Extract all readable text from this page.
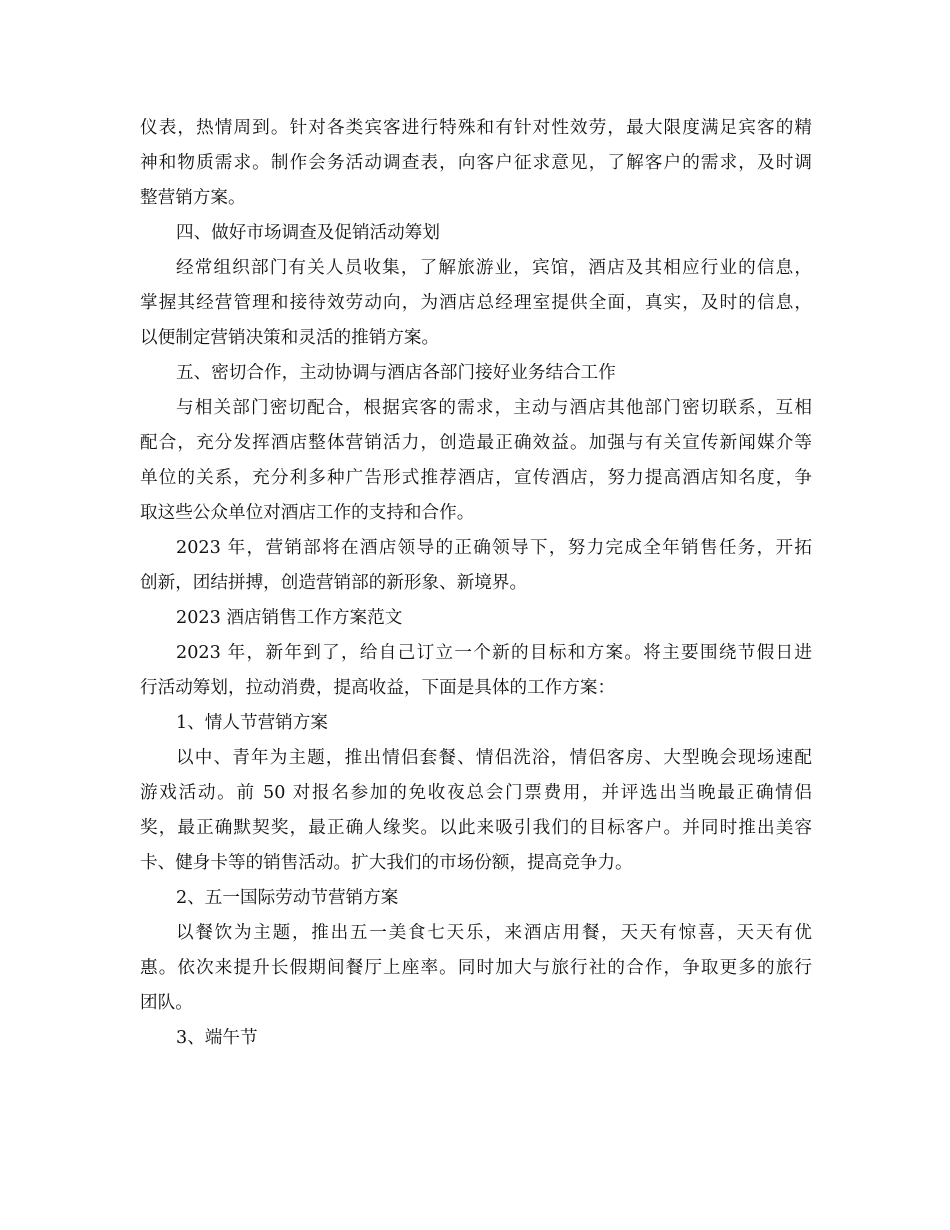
仪表，热情周到。针对各类宾客进行特殊和有针对性效劳，最大限度满足宾客的精
神和物质需求。制作会务活动调查表，向客户征求意见，了解客户的需求，及时调
整营销方案。
四、做好市场调查及促销活动筹划
经常组织部门有关人员收集，了解旅游业，宾馆，酒店及其相应行业的信息，
掌握其经营管理和接待效劳动向，为酒店总经理室提供全面，真实，及时的信息，
以便制定营销决策和灵活的推销方案。
五、密切合作，主动协调与酒店各部门接好业务结合工作
与相关部门密切配合，根据宾客的需求，主动与酒店其他部门密切联系，互相
配合，充分发挥酒店整体营销活力，创造最正确效益。加强与有关宣传新闻媒介等
单位的关系，充分利多种广告形式推荐酒店，宣传酒店，努力提高酒店知名度，争
取这些公众单位对酒店工作的支持和合作。
2023 年，营销部将在酒店领导的正确领导下，努力完成全年销售任务，开拓
创新，团结拼搏，创造营销部的新形象、新境界。
2023 酒店销售工作方案范文
2023 年，新年到了，给自己订立一个新的目标和方案。将主要围绕节假日进
行活动筹划，拉动消费，提高收益，下面是具体的工作方案：
1、情人节营销方案
以中、青年为主题，推出情侣套餐、情侣洗浴，情侣客房、大型晚会现场速配
游戏活动。前 50 对报名参加的免收夜总会门票费用，并评选出当晚最正确情侣
奖，最正确默契奖，最正确人缘奖。以此来吸引我们的目标客户。并同时推出美容
卡、健身卡等的销售活动。扩大我们的市场份额，提高竞争力。
2、五一国际劳动节营销方案
以餐饮为主题，推出五一美食七天乐，来酒店用餐，天天有惊喜，天天有优
惠。依次来提升长假期间餐厅上座率。同时加大与旅行社的合作，争取更多的旅行
团队。
3、端午节
